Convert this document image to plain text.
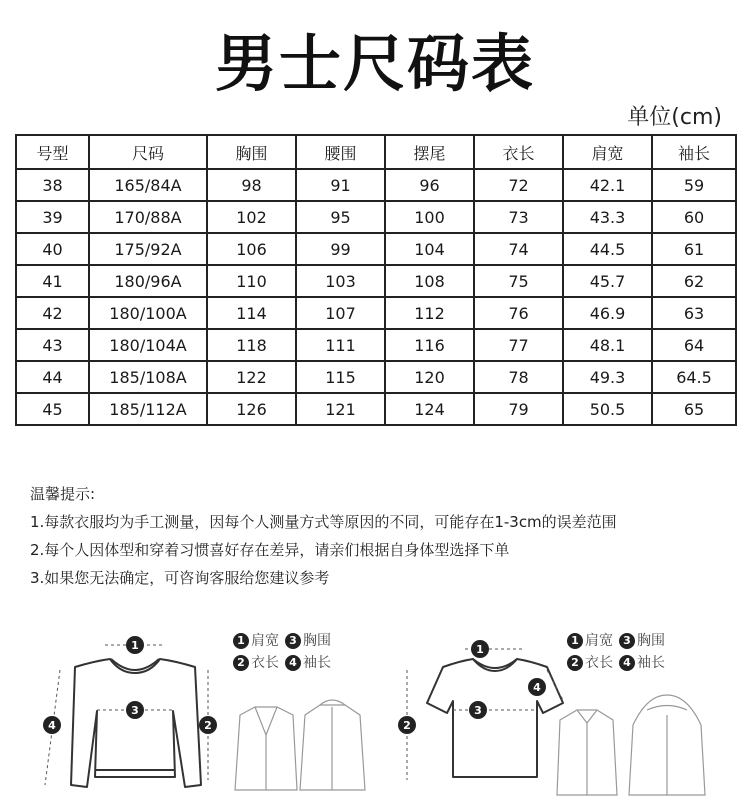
男士尺码表
单位(cm)
号型	尺码	胸围	腰围	摆尾	衣长	肩宽	袖长
38	165/84A	98	91	96	72	42.1	59
39	170/88A	102	95	100	73	43.3	60
40	175/92A	106	99	104	74	44.5	61
41	180/96A	110	103	108	75	45.7	62
42	180/100A	114	107	112	76	46.9	63
43	180/104A	118	111	116	77	48.1	64
44	185/108A	122	115	120	78	49.3	64.5
45	185/112A	126	121	124	79	50.5	65
温馨提示:
1.每款衣服均为手工测量，因每个人测量方式等原因的不同，可能存在1-3cm的误差范围
2.每个人因体型和穿着习惯喜好存在差异，请亲们根据自身体型选择下单
3.如果您无法确定，可咨询客服给您建议参考
1
3
2
4
1 肩宽 3 胸围
2 衣长 4 袖长
1
3
2
4
1 肩宽 3 胸围
2 衣长 4 袖长
